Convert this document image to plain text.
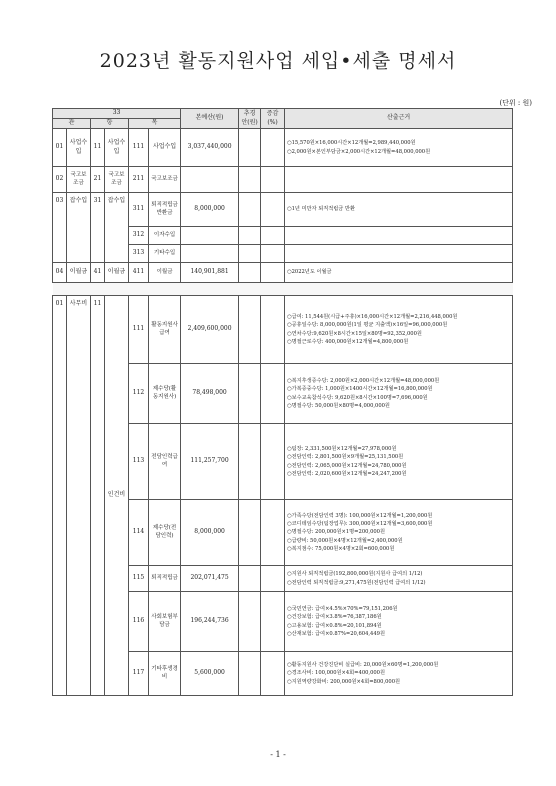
2023년 활동지원사업 세입•세출 명세서
(단위 : 원)
33						본예산(원)	추경안(원)	증감(%)	산출근거
관		항		목					
01	사업수입	11	사업수입	111	사업수입	3,037,440,000			○15,570원×16,000시간×12개월=2,989,440,000원
○2,000원×본인부담금×2,000시간×12개월=48,000,000원

02	국고보조금	21	국고보조금	211	국고보조금				
03	잡수입	31	잡수입	311	퇴직적립금반환금	8,000,000			○1년 미만자 퇴직적립금 반환

				312	이자수입				
				313	기타수입				
04	이월금	41	이월금	411	이월금	140,901,881			○2022년도 이월금

01	사무비	11	인건비	111	활동지원사급여	2,409,600,000			○급여: 11,544원(시급+주휴)×16,000시간×12개월=2,216,448,000원
○공휴일수당: 8,000,000원(1일 평균 지출액)×16일=96,000,000원
○연차수당:9,620원×8시간×15일×80명=92,352,000원
○명절근로수당: 400,000원×12개월=4,800,000원

				112	제수당(활동지원사)	78,498,000			○복지후생증수당: 2,000원×2,000시간×12개월=48,000,000원
○가복증중수당: 1,000원×1400시간×12개월=16,800,000원
○보수교육참석수당: 9,620원×8시간×100명=7,696,000원
○명절수당: 50,000원×80명=4,000,000원

				113	전담인력급여	111,257,700			○팀장: 2,331,500원×12개월=27,978,000원
○전담인력: 2,801,500원×9개월=25,131,500원
○전담인력: 2,065,000원×12개월=24,780,000원
○전담인력: 2,020,600원×12개월=24,247,200원

				114	제수당(전담인력)	8,000,000			○가족수당(전담인력 3명): 100,000원×12개월=1,200,000원
○코디테임수당(팀장업무): 300,000원×12개월=3,600,000원
○명절수당: 200,000원×1명=200,000원
○급량비: 50,000원×4명×12개월=2,400,000원
○복지점수: 75,000원×4명×2회=600,000원

				115	퇴직적립금	202,071,475			○지원사 퇴직적립금(192,800,000원(지원사 급여의 1/12)
○전담인력 퇴직적립금:9,271,475원(전담인력 급여의 1/12)

				116	사회보험부담금	196,244,736			○국민연금: 급여×4.5%×70%=79,151,206원
○건강보험: 급여×3.8%=76,387,186원
○고용보험: 급여×0.8%=20,101,894원
○산재보험: 급여×0.87%=20,604,449원

				117	기타후생경비	5,600,000			○활동지원사 건강진단비 실급비: 20,000원×60명=1,200,000원
○경조사비: 100,000원×4회=400,000원
○지원역량강화비: 200,000원×4회=800,000원
- 1 -
